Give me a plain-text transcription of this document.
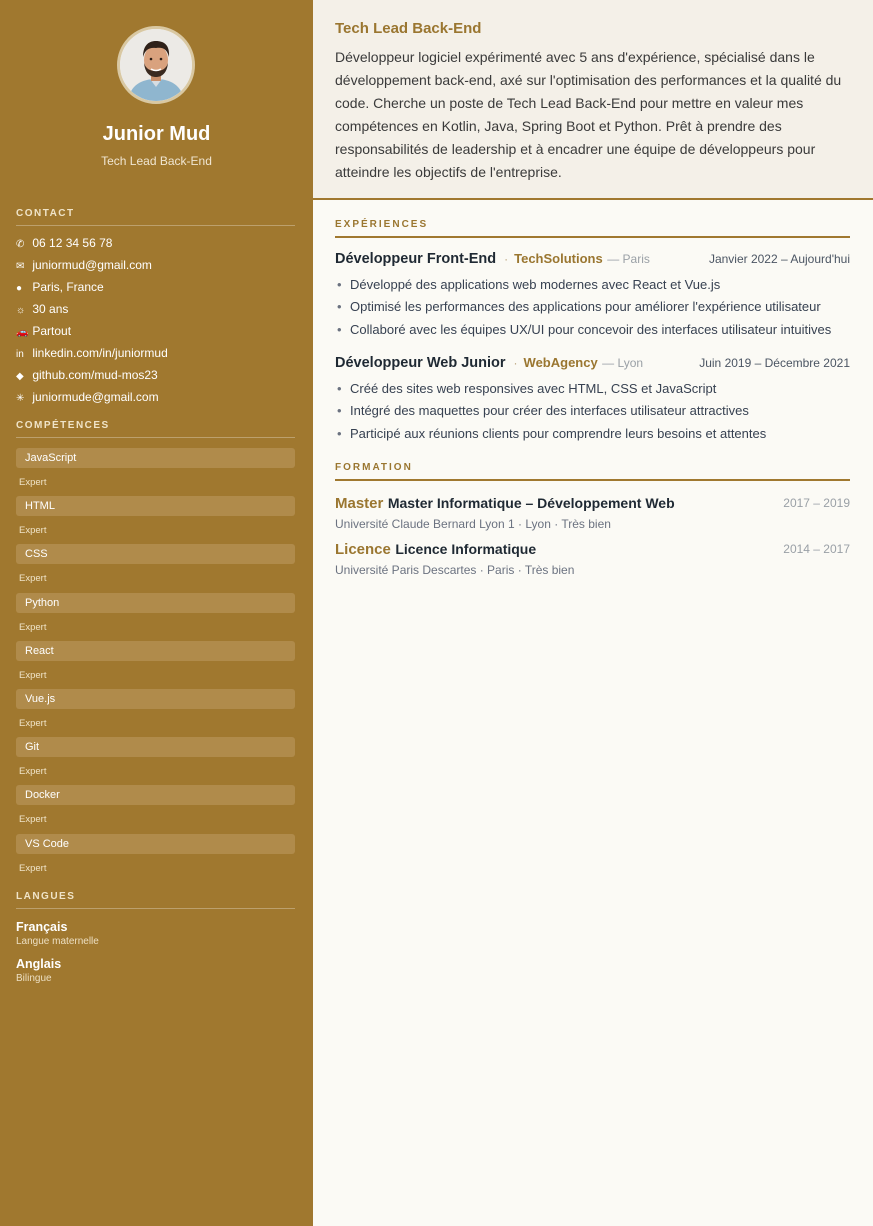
Junior Mud
Tech Lead Back-End
CONTACT
✆ 06 12 34 56 78
✉ juniormud@gmail.com
● Paris, France
☼ 30 ans
🚗 Partout
in linkedin.com/in/juniormud
◆ github.com/mud-mos23
✳ juniormude@gmail.com
COMPÉTENCES
JavaScript
Expert
HTML
Expert
CSS
Expert
Python
Expert
React
Expert
Vue.js
Expert
Git
Expert
Docker
Expert
VS Code
Expert
LANGUES
Français
Langue maternelle
Anglais
Bilingue
Tech Lead Back-End

Développeur logiciel expérimenté avec 5 ans d'expérience, spécialisé dans le développement back-end, axé sur l'optimisation des performances et la qualité du code. Cherche un poste de Tech Lead Back-End pour mettre en valeur mes compétences en Kotlin, Java, Spring Boot et Python. Prêt à prendre des responsabilités de leadership et à encadrer une équipe de développeurs pour atteindre les objectifs de l'entreprise.

EXPÉRIENCES
Développeur Front-End · TechSolutions — Paris	Janvier 2022 – Aujourd'hui
• Développé des applications web modernes avec React et Vue.js
• Optimisé les performances des applications pour améliorer l'expérience utilisateur
• Collaboré avec les équipes UX/UI pour concevoir des interfaces utilisateur intuitives
Développeur Web Junior · WebAgency — Lyon	Juin 2019 – Décembre 2021
• Créé des sites web responsives avec HTML, CSS et JavaScript
• Intégré des maquettes pour créer des interfaces utilisateur attractives
• Participé aux réunions clients pour comprendre leurs besoins et attentes
FORMATION
Master Master Informatique – Développement Web	2017 – 2019
Université Claude Bernard Lyon 1 · Lyon · Très bien
Licence Licence Informatique	2014 – 2017
Université Paris Descartes · Paris · Très bien
